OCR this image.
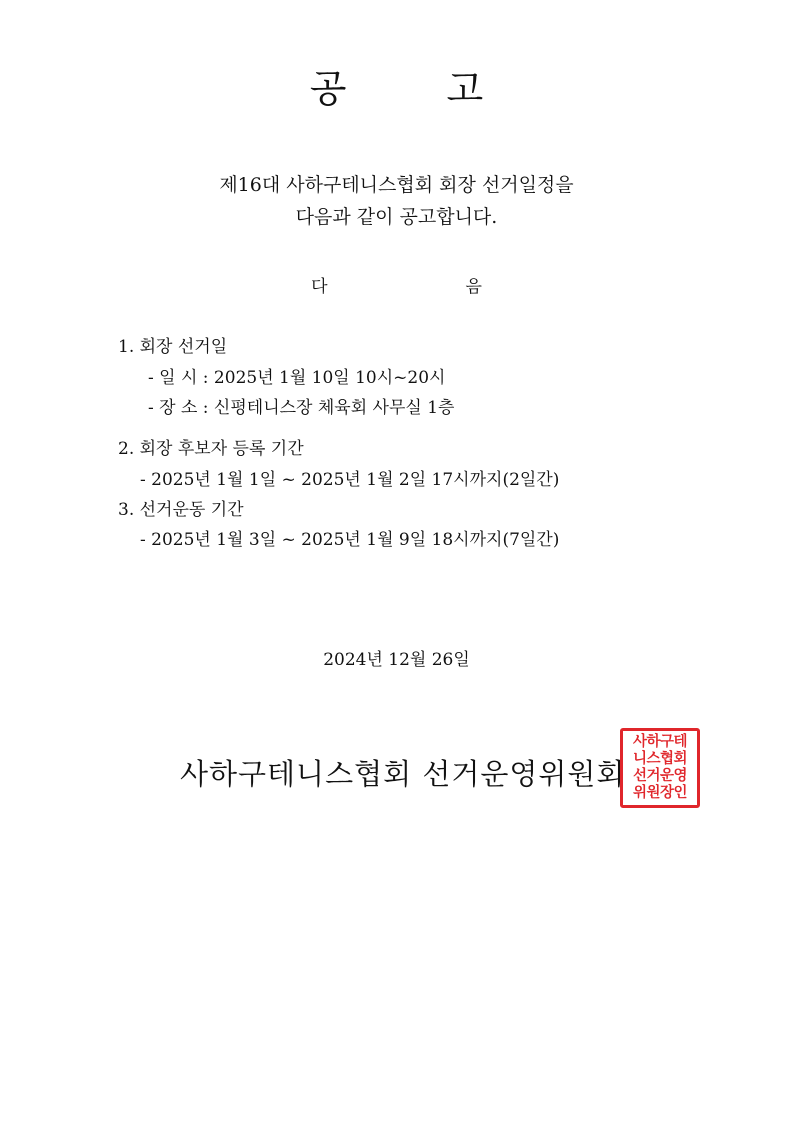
공	고
제16대 사하구테니스협회 회장 선거일정을
다음과 같이 공고합니다.
다	음
1. 회장 선거일
- 일 시 : 2025년 1월 10일 10시~20시
- 장 소 : 신평테니스장 체육회 사무실 1층
2. 회장 후보자 등록 기간
- 2025년 1월 1일 ~ 2025년 1월 2일 17시까지(2일간)
3. 선거운동 기간
- 2025년 1월 3일 ~ 2025년 1월 9일 18시까지(7일간)
2024년 12월 26일
사하구테니스협회 선거운영위원회
사하구테
니스협회
선거운영
위원장인
